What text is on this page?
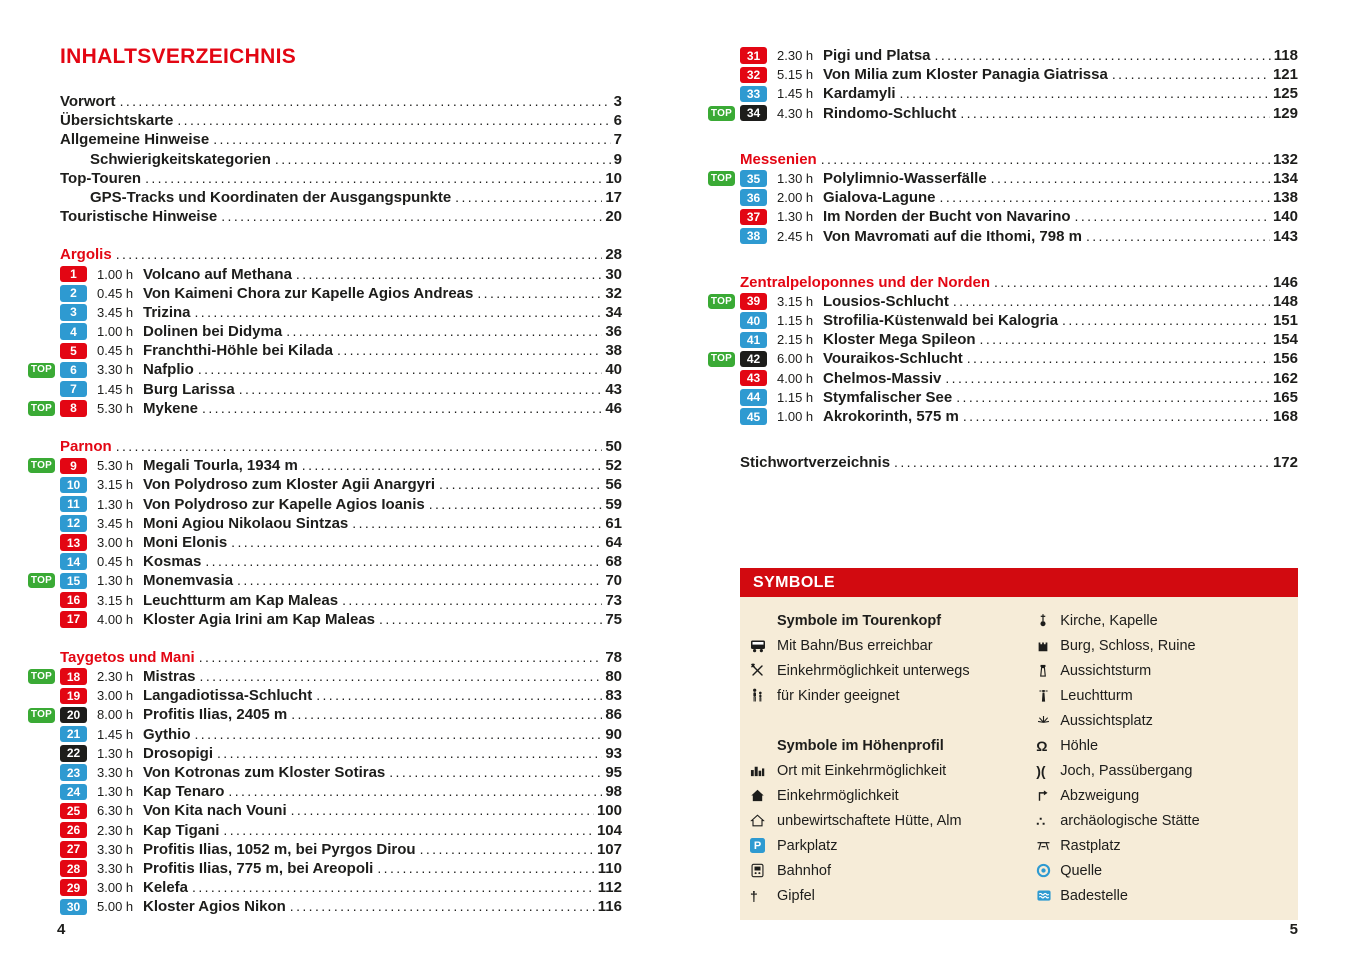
INHALTSVERZEICHNIS
Vorwort .....	3
Übersichtskarte .....	6
Allgemeine Hinweise .....	7
Schwierigkeitskategorien .....	9
Top-Touren .....	10
GPS-Tracks und Koordinaten der Ausgangspunkte .....	17
Touristische Hinweise .....	20
Argolis .....	28
1	1.00 h Volcano auf Methana .....	30
2	0.45 h Von Kaimeni Chora zur Kapelle Agios Andreas .....	32
3	3.45 h Trizina .....	34
4	1.00 h Dolinen bei Didyma .....	36
5	0.45 h Franchthi-Höhle bei Kilada .....	38
TOP	6	3.30 h Nafplio .....	40
7	1.45 h Burg Larissa .....	43
TOP	8	5.30 h Mykene .....	46
Parnon .....	50
TOP	9	5.30 h Megali Tourla, 1934 m .....	52
10	3.15 h Von Polydroso zum Kloster Agii Anargyri .....	56
11	1.30 h Von Polydroso zur Kapelle Agios Ioanis .....	59
12	3.45 h Moni Agiou Nikolaou Sintzas .....	61
13	3.00 h Moni Elonis .....	64
14	0.45 h Kosmas .....	68
TOP	15	1.30 h Monemvasia .....	70
16	3.15 h Leuchtturm am Kap Maleas .....	73
17	4.00 h Kloster Agia Irini am Kap Maleas .....	75
Taygetos und Mani .....	78
TOP	18	2.30 h Mistras .....	80
19	3.00 h Langadiotissa-Schlucht .....	83
TOP	20	8.00 h Profitis Ilias, 2405 m .....	86
21	1.45 h Gythio .....	90
22	1.30 h Drosopigi .....	93
23	3.30 h Von Kotronas zum Kloster Sotiras .....	95
24	1.30 h Kap Tenaro .....	98
25	6.30 h Von Kita nach Vouni .....	100
26	2.30 h Kap Tigani .....	104
27	3.30 h Profitis Ilias, 1052 m, bei Pyrgos Dirou .....	107
28	3.30 h Profitis Ilias, 775 m, bei Areopoli .....	110
29	3.00 h Kelefa .....	112
30	5.00 h Kloster Agios Nikon .....	116
31	2.30 h Pigi und Platsa .....	118
32	5.15 h Von Milia zum Kloster Panagia Giatrissa .....	121
33	1.45 h Kardamyli .....	125
TOP	34	4.30 h Rindomo-Schlucht .....	129
Messenien .....	132
TOP	35	1.30 h Polylimnio-Wasserfälle .....	134
36	2.00 h Gialova-Lagune .....	138
37	1.30 h Im Norden der Bucht von Navarino .....	140
38	2.45 h Von Mavromati auf die Ithomi, 798 m .....	143
Zentralpeloponnes und der Norden .....	146
TOP	39	3.15 h Lousios-Schlucht .....	148
40	1.15 h Strofilia-Küstenwald bei Kalogria .....	151
41	2.15 h Kloster Mega Spileon .....	154
TOP	42	6.00 h Vouraikos-Schlucht .....	156
43	4.00 h Chelmos-Massiv .....	162
44	1.15 h Stymfalischer See .....	165
45	1.00 h Akrokorinth, 575 m .....	168
Stichwortverzeichnis .....	172
SYMBOLE
Symbole im Tourenkopf
Mit Bahn/Bus erreichbar
Einkehrmöglichkeit unterwegs
für Kinder geeignet
Symbole im Höhenprofil
Ort mit Einkehrmöglichkeit
Einkehrmöglichkeit
unbewirtschaftete Hütte, Alm
P Parkplatz
Bahnhof
† Gipfel
Kirche, Kapelle
Burg, Schloss, Ruine
Aussichtsturm
Leuchtturm
Aussichtsplatz
Ω Höhle
)( Joch, Passübergang
Abzweigung
∴ archäologische Stätte
Rastplatz
Quelle
Badestelle
4	5
